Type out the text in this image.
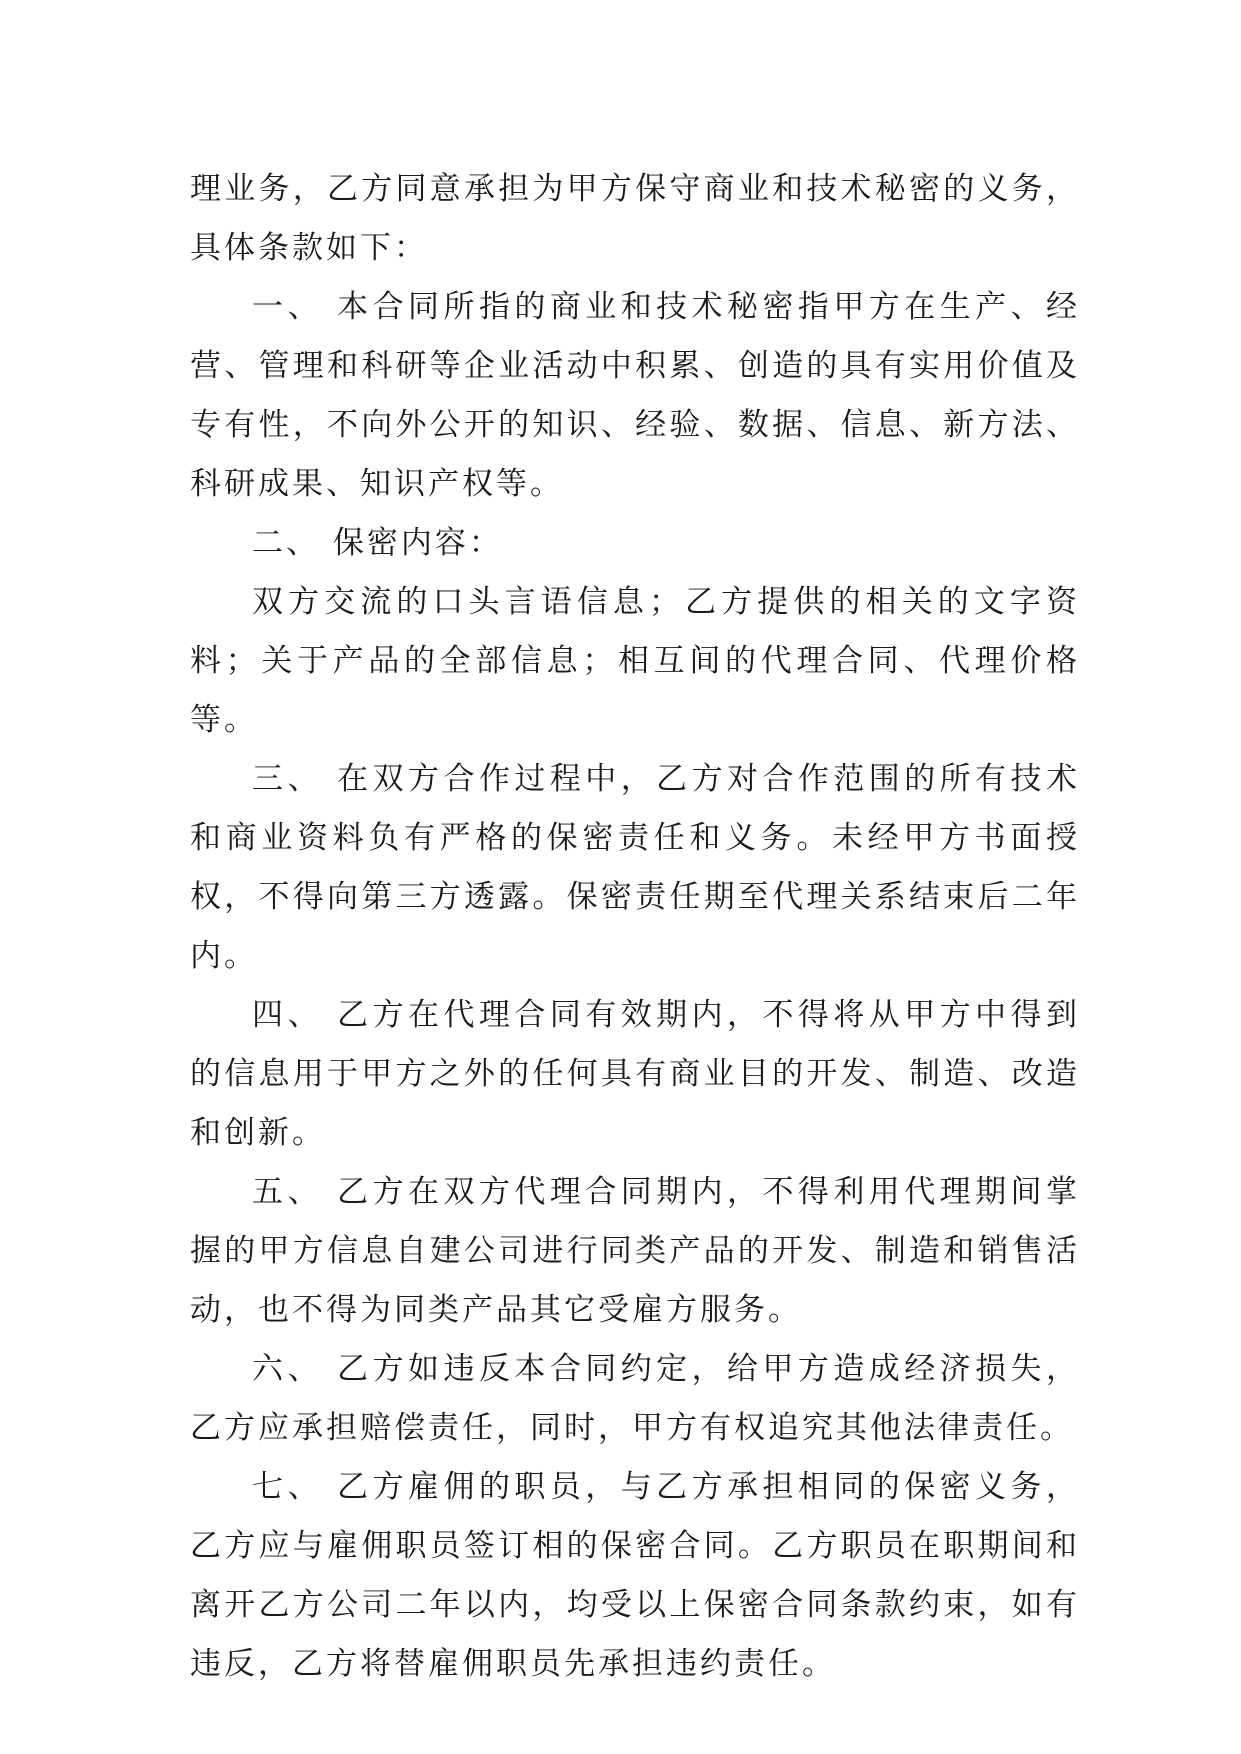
理业务，乙方同意承担为甲方保守商业和技术秘密的义务，具体条款如下：

一、 本合同所指的商业和技术秘密指甲方在生产、经营、管理和科研等企业活动中积累、创造的具有实用价值及专有性，不向外公开的知识、经验、数据、信息、新方法、科研成果、知识产权等。

二、 保密内容：

双方交流的口头言语信息；乙方提供的相关的文字资料；关于产品的全部信息；相互间的代理合同、代理价格等。

三、 在双方合作过程中，乙方对合作范围的所有技术和商业资料负有严格的保密责任和义务。未经甲方书面授权，不得向第三方透露。保密责任期至代理关系结束后二年内。

四、 乙方在代理合同有效期内，不得将从甲方中得到的信息用于甲方之外的任何具有商业目的开发、制造、改造和创新。

五、 乙方在双方代理合同期内，不得利用代理期间掌握的甲方信息自建公司进行同类产品的开发、制造和销售活动，也不得为同类产品其它受雇方服务。

六、 乙方如违反本合同约定，给甲方造成经济损失，乙方应承担赔偿责任，同时，甲方有权追究其他法律责任。

七、 乙方雇佣的职员，与乙方承担相同的保密义务，乙方应与雇佣职员签订相的保密合同。乙方职员在职期间和离开乙方公司二年以内，均受以上保密合同条款约束，如有违反，乙方将替雇佣职员先承担违约责任。
